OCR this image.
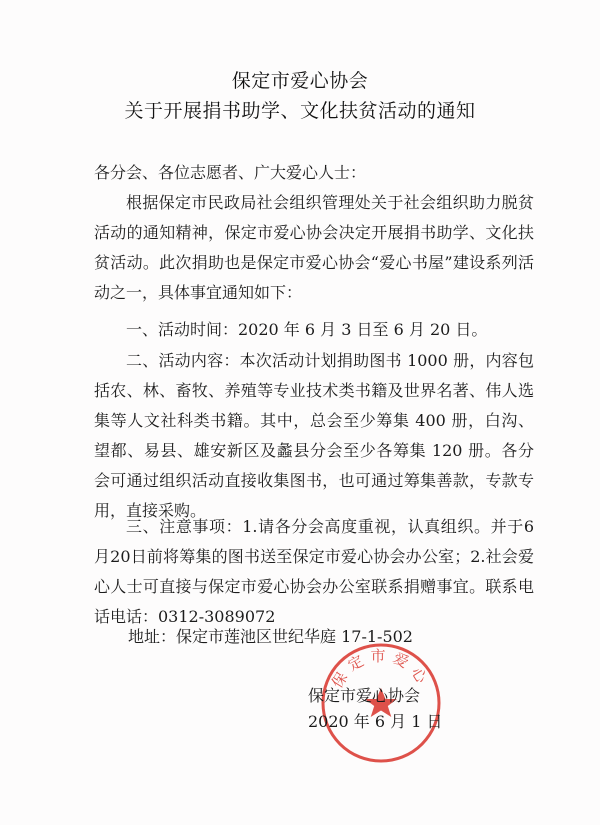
保定市爱心协会
关于开展捐书助学、文化扶贫活动的通知
各分会、各位志愿者、广大爱心人士：
根据保定市民政局社会组织管理处关于社会组织助力脱贫活动的通知精神，保定市爱心协会决定开展捐书助学、文化扶贫活动。此次捐助也是保定市爱心协会“爱心书屋”建设系列活动之一，具体事宜通知如下：
一、活动时间：2020 年 6 月 3 日至 6 月 20 日。
二、活动内容：本次活动计划捐助图书 1000 册，内容包括农、林、畜牧、养殖等专业技术类书籍及世界名著、伟人选集等人文社科类书籍。其中，总会至少筹集 400 册，白沟、望都、易县、雄安新区及蠡县分会至少各筹集 120 册。各分会可通过组织活动直接收集图书，也可通过筹集善款，专款专用，直接采购。
三、注意事项：1.请各分会高度重视，认真组织。并于6月20日前将筹集的图书送至保定市爱心协会办公室；2.社会爱心人士可直接与保定市爱心协会办公室联系捐赠事宜。联系电话电话：0312-3089072
地址：保定市莲池区世纪华庭 17-1-502
保定市爱心
保定市爱心协会
2020 年 6 月 1 日
